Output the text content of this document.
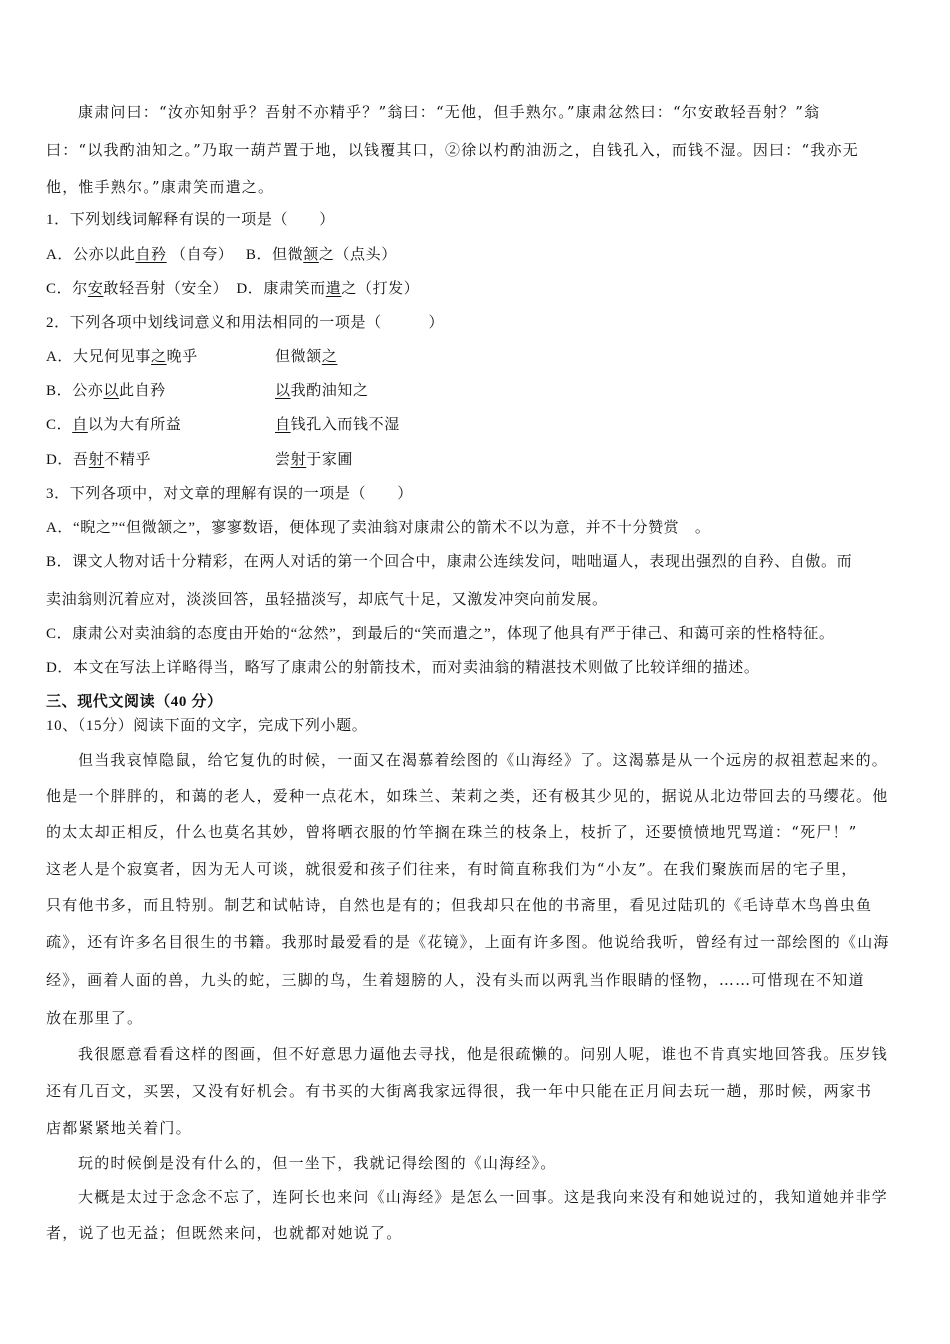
康肃问曰：“汝亦知射乎？吾射不亦精乎？”翁曰：“无他，但手熟尔。”康肃忿然曰：“尔安敢轻吾射？”翁
曰：“以我酌油知之。”乃取一葫芦置于地，以钱覆其口，②徐以杓酌油沥之，自钱孔入，而钱不湿。因曰：“我亦无
他，惟手熟尔。”康肃笑而遣之。
1．下列划线词解释有误的一项是（　　）
A．公亦以此自矜 （自夸）　 B．但微颔之（点头）
C．尔安敢轻吾射（安全）　D．康肃笑而遣之（打发）
2．下列各项中划线词意义和用法相同的一项是（　　　）
A．大兄何见事之晚乎	但微颔之
B．公亦以此自矜	以我酌油知之
C．自以为大有所益	自钱孔入而钱不湿
D．吾射不精乎	尝射于家圃
3．下列各项中，对文章的理解有误的一项是（　　）
A．“睨之”“但微颔之”，寥寥数语，便体现了卖油翁对康肃公的箭术不以为意，并不十分赞赏　。
B．课文人物对话十分精彩，在两人对话的第一个回合中，康肃公连续发问，咄咄逼人，表现出强烈的自矜、自傲。而
卖油翁则沉着应对，淡淡回答，虽轻描淡写，却底气十足，又激发冲突向前发展。
C．康肃公对卖油翁的态度由开始的“忿然”，到最后的“笑而遣之”，体现了他具有严于律己、和蔼可亲的性格特征。
D．本文在写法上详略得当，略写了康肃公的射箭技术，而对卖油翁的精湛技术则做了比较详细的描述。
三、现代文阅读（40 分）
10、（15分）阅读下面的文字，完成下列小题。
但当我哀悼隐鼠，给它复仇的时候，一面又在渴慕着绘图的《山海经》了。这渴慕是从一个远房的叔祖惹起来的。
他是一个胖胖的，和蔼的老人，爱种一点花木，如珠兰、茉莉之类，还有极其少见的，据说从北边带回去的马缨花。他
的太太却正相反，什么也莫名其妙，曾将晒衣服的竹竿搁在珠兰的枝条上，枝折了，还要愤愤地咒骂道：“死尸！”
这老人是个寂寞者，因为无人可谈，就很爱和孩子们往来，有时简直称我们为“小友”。在我们聚族而居的宅子里，
只有他书多，而且特别。制艺和试帖诗，自然也是有的；但我却只在他的书斋里，看见过陆玑的《毛诗草木鸟兽虫鱼
疏》，还有许多名目很生的书籍。我那时最爱看的是《花镜》，上面有许多图。他说给我听，曾经有过一部绘图的《山海
经》，画着人面的兽，九头的蛇，三脚的鸟，生着翅膀的人，没有头而以两乳当作眼睛的怪物，……可惜现在不知道
放在那里了。
我很愿意看看这样的图画，但不好意思力逼他去寻找，他是很疏懒的。问别人呢，谁也不肯真实地回答我。压岁钱
还有几百文，买罢，又没有好机会。有书买的大街离我家远得很，我一年中只能在正月间去玩一趟，那时候，两家书
店都紧紧地关着门。
玩的时候倒是没有什么的，但一坐下，我就记得绘图的《山海经》。
大概是太过于念念不忘了，连阿长也来问《山海经》是怎么一回事。这是我向来没有和她说过的，我知道她并非学
者，说了也无益；但既然来问，也就都对她说了。
